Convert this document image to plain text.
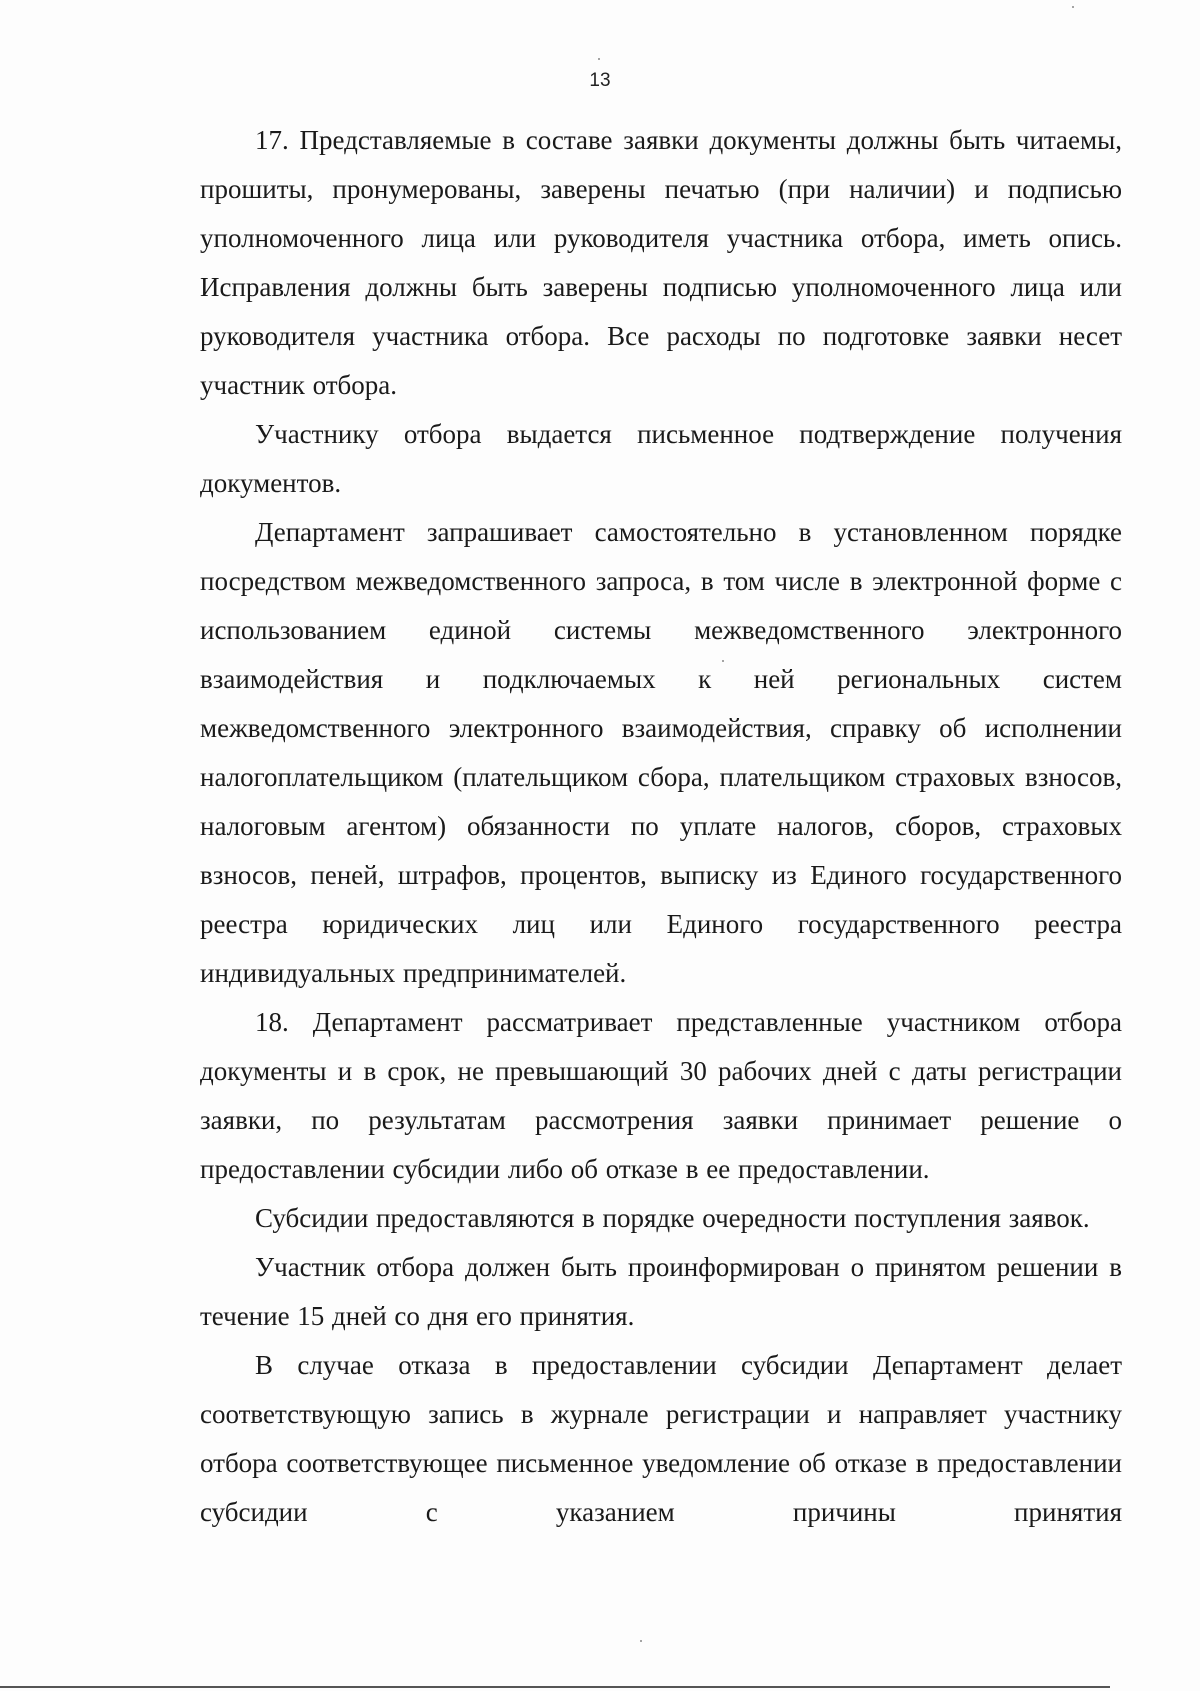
13

17. Представляемые в составе заявки документы должны быть читаемы, прошиты, пронумерованы, заверены печатью (при наличии) и подписью уполномоченного лица или руководителя участника отбора, иметь опись. Исправления должны быть заверены подписью уполномоченного лица или руководителя участника отбора. Все расходы по подготовке заявки несет участник отбора.

Участнику отбора выдается письменное подтверждение получения документов.

Департамент запрашивает самостоятельно в установленном порядке посредством межведомственного запроса, в том числе в электронной форме с использованием единой системы межведомственного электронного взаимодействия и подключаемых к ней региональных систем межведомственного электронного взаимодействия, справку об исполнении налогоплательщиком (плательщиком сбора, плательщиком страховых взносов, налоговым агентом) обязанности по уплате налогов, сборов, страховых взносов, пеней, штрафов, процентов, выписку из Единого государственного реестра юридических лиц или Единого государственного реестра индивидуальных предпринимателей.

18. Департамент рассматривает представленные участником отбора документы и в срок, не превышающий 30 рабочих дней с даты регистрации заявки, по результатам рассмотрения заявки принимает решение о предоставлении субсидии либо об отказе в ее предоставлении.

Субсидии предоставляются в порядке очередности поступления заявок.

Участник отбора должен быть проинформирован о принятом решении в течение 15 дней со дня его принятия.

В случае отказа в предоставлении субсидии Департамент делает соответствующую запись в журнале регистрации и направляет участнику отбора соответствующее письменное уведомление об отказе в предоставлении субсидии с указанием причины принятия
